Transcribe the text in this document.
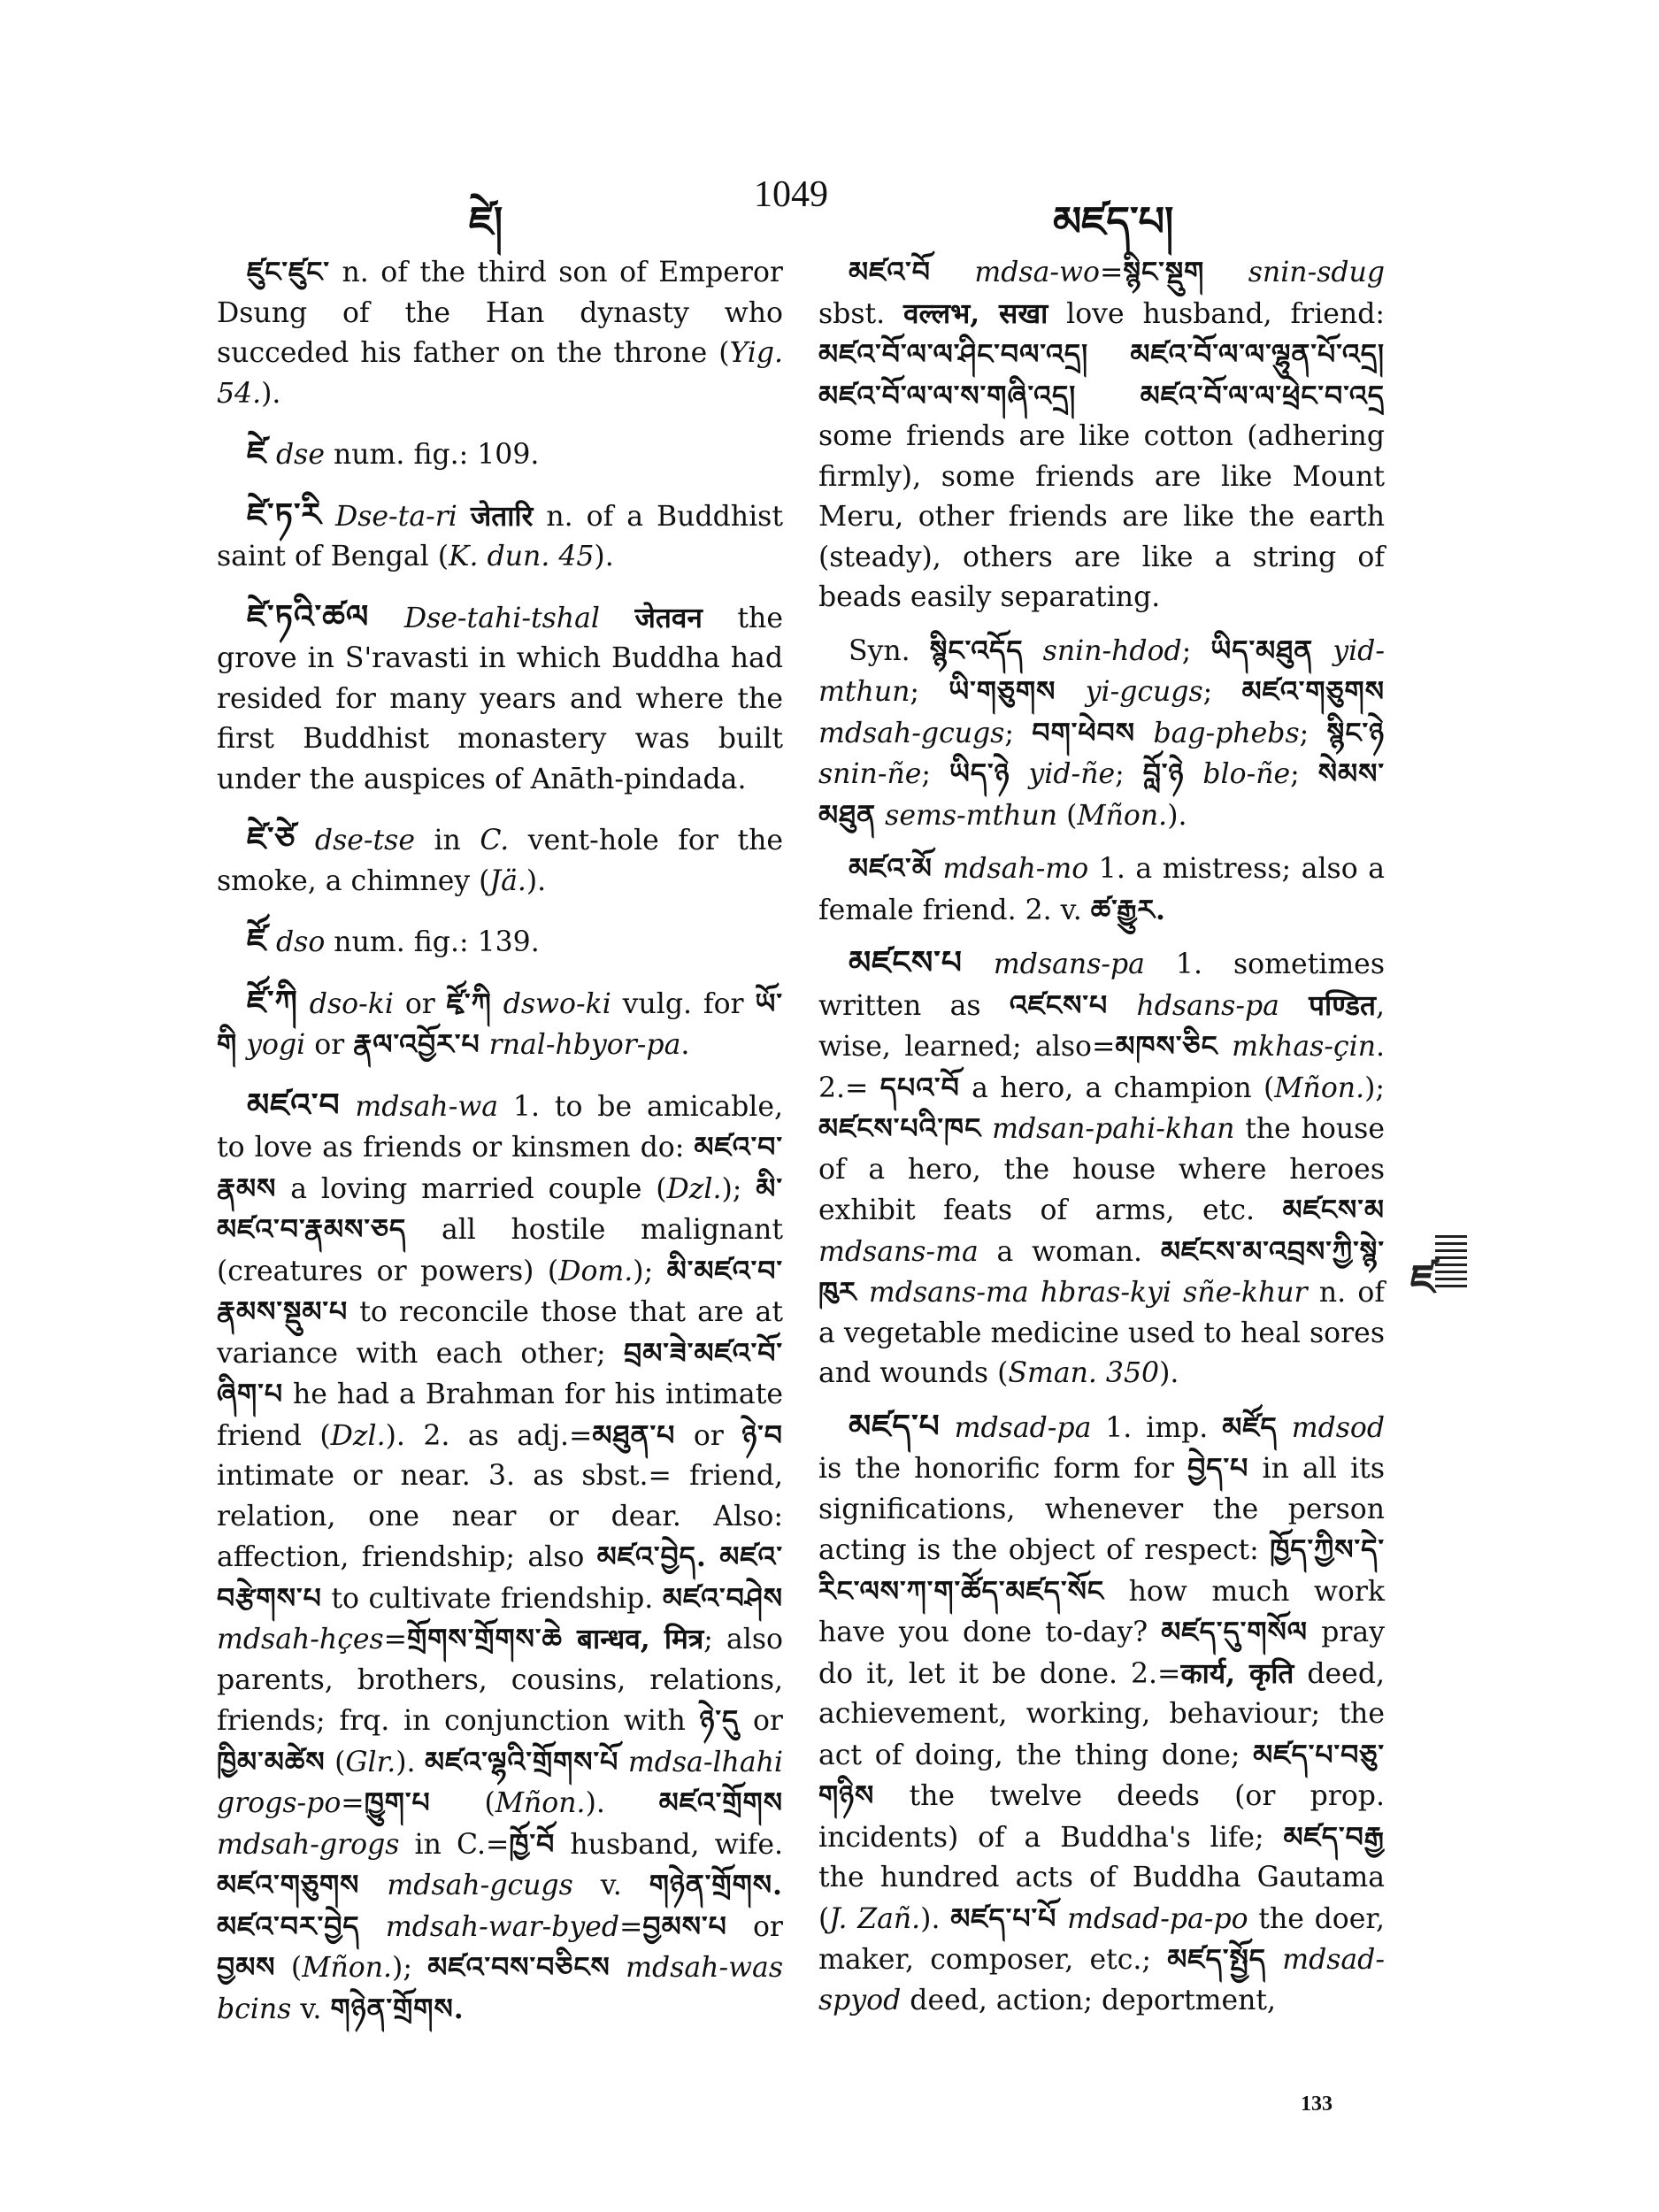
ཛེ།
1049
མཛད་པ།

ཛུང་ཛུང་ n. of the third son of Emperor Dsung of the Han dynasty who succeded his father on the throne (Yig. 54.).

ཛེ dse num. fig.: 109.

ཛེ་ཏ་རི Dse-ta-ri जेतारि n. of a Buddhist saint of Bengal (K. dun. 45).

ཛེ་ཏའི་ཚལ Dse-tahi-tshal जेतवन the grove in S'ravasti in which Buddha had resided for many years and where the first Buddhist monastery was built under the auspices of Anāth-pindada.

ཛེ་ཙེ dse-tse in C. vent-hole for the smoke, a chimney (Jä.).

ཛོ dso num. fig.: 139.

ཛོ་ཀི dso-ki or ཛྭོ་ཀི dswo-ki vulg. for ཡོ་གི yogi or རྣལ་འབྱོར་པ rnal-hbyor-pa.

མཛའ་བ mdsah-wa 1. to be amicable, to love as friends or kinsmen do: མཛའ་བ་རྣམས a loving married couple (Dzl.); མི་མཛའ་བ་རྣམས་ཅད all hostile malignant (creatures or powers) (Dom.); མི་མཛའ་བ་རྣམས་སྡུམ་པ to reconcile those that are at variance with each other; བྲམ་ཟེ་མཛའ་བོ་ཞིག་པ he had a Brahman for his intimate friend (Dzl.). 2. as adj.=མཐུན་པ or ཉེ་བ intimate or near. 3. as sbst.= friend, relation, one near or dear. Also: affection, friendship; also མཛའ་བྱེད. མཛའ་བརྩེགས་པ to cultivate friendship. མཛའ་བཤེས mdsah-hçes=གྲོགས་གྲོགས་ཆེ बान्धव, मित्र; also parents, brothers, cousins, relations, friends; frq. in conjunction with ཉེ་དུ or ཁྱིམ་མཚེས (Glr.). མཛའ་ལྷའི་གྲོགས་པོ mdsa-lhahi grogs-po=ཁྱུག་པ (Mñon.). མཛའ་གྲོགས mdsah-grogs in C.=ཁྱོ་བོ husband, wife. མཛའ་གཅུགས mdsah-gcugs v. གཉེན་གྲོགས. མཛའ་བར་བྱེད mdsah-war-byed=བྱམས་པ or བྱམས (Mñon.); མཛའ་བས་བཅིངས mdsah-was bcins v. གཉེན་གྲོགས.

མཛའ་བོ mdsa-wo=སྙིང་སྡུག snin-sdug sbst. वल्लभ, सखा love husband, friend: མཛའ་བོ་ལ་ལ་ཤིང་བལ་འདྲ། མཛའ་བོ་ལ་ལ་ལྷུན་པོ་འདྲ། མཛའ་བོ་ལ་ལ་ས་གཞི་འདྲ། མཛའ་བོ་ལ་ལ་ཕྲེང་བ་འདྲ some friends are like cotton (adhering firmly), some friends are like Mount Meru, other friends are like the earth (steady), others are like a string of beads easily separating.

Syn. སྙིང་འདོད snin-hdod; ཡིད་མཐུན yid-mthun; ཡི་གཅུགས yi-gcugs; མཛའ་གཅུགས mdsah-gcugs; བག་ཕེབས bag-phebs; སྙིང་ཉེ snin-ñe; ཡིད་ཉེ yid-ñe; བློ་ཉེ blo-ñe; སེམས་མཐུན sems-mthun (Mñon.).

མཛའ་མོ mdsah-mo 1. a mistress; also a female friend. 2. v. ཚ་རྒྱུར.

མཛངས་པ mdsans-pa 1. sometimes written as འཛངས་པ hdsans-pa पण्डित, wise, learned; also=མཁས་ཅིང mkhas-çin. 2.= དཔའ་བོ a hero, a champion (Mñon.); མཛངས་པའི་ཁང mdsan-pahi-khan the house of a hero, the house where heroes exhibit feats of arms, etc. མཛངས་མ mdsans-ma a woman. མཛངས་མ་འབྲས་ཀྱི་སྙེ་ཁུར mdsans-ma hbras-kyi sñe-khur n. of a vegetable medicine used to heal sores and wounds (Sman. 350).

མཛད་པ mdsad-pa 1. imp. མཛོད mdsod is the honorific form for བྱེད་པ in all its significations, whenever the person acting is the object of respect: ཁྱོད་ཀྱིས་དེ་རིང་ལས་ཀ་ག་ཚོད་མཛད་སོང how much work have you done to-day? མཛད་དུ་གསོལ pray do it, let it be done. 2.=कार्य, कृति deed, achievement, working, behaviour; the act of doing, the thing done; མཛད་པ་བཅུ་གཉིས the twelve deeds (or prop. incidents) of a Buddha's life; མཛད་བརྒྱ the hundred acts of Buddha Gautama (J. Zañ.). མཛད་པ་པོ mdsad-pa-po the doer, maker, composer, etc.; མཛད་སྤྱོད mdsad-spyod deed, action; deportment,

ཛ
133
